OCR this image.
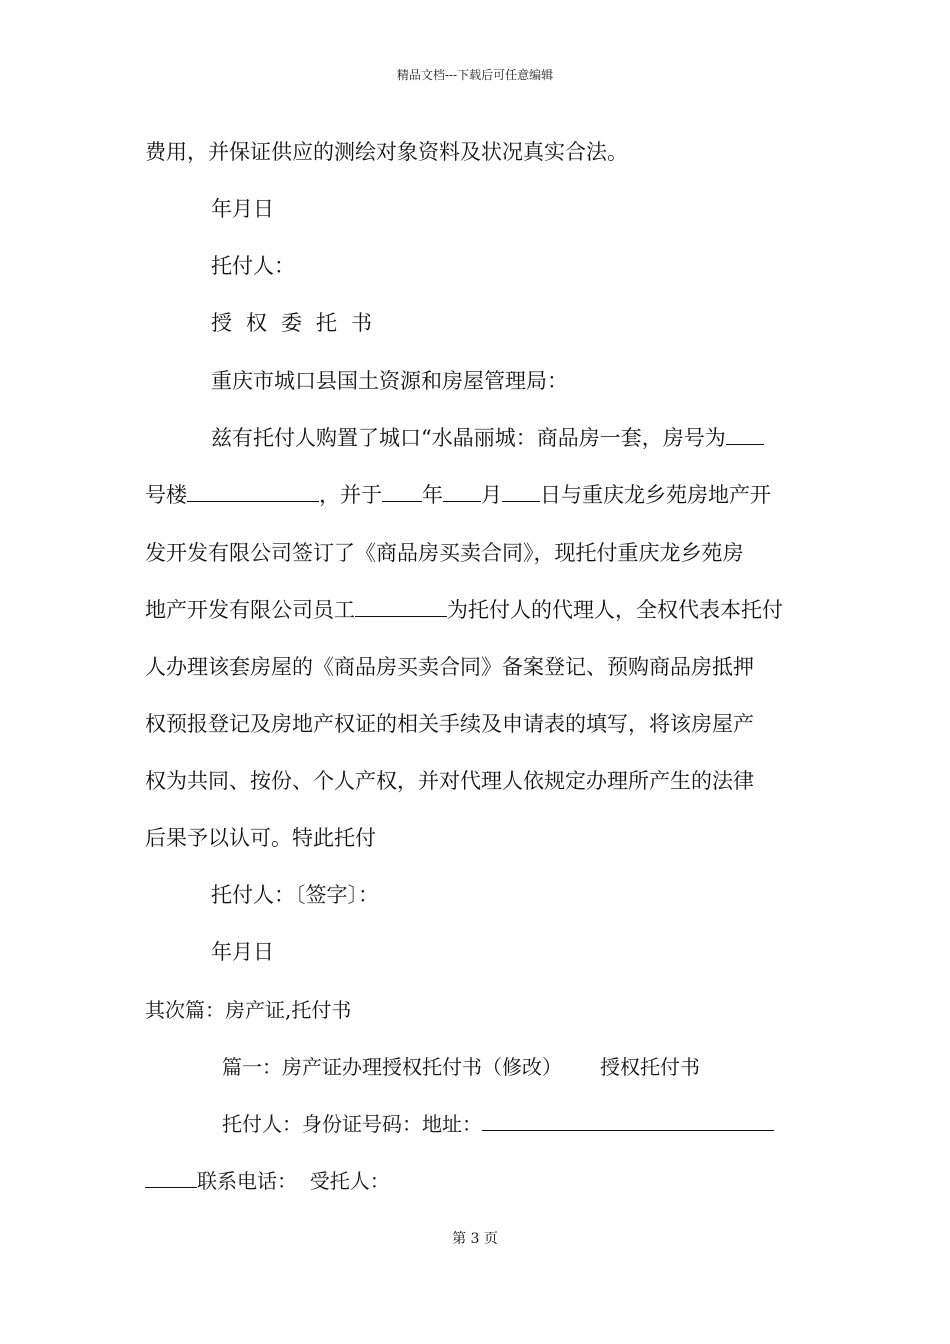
精品文档---下载后可任意编辑
费用，并保证供应的测绘对象资料及状况真实合法。
年月日
托付人：
授权委托书
重庆市城口县国土资源和房屋管理局：
兹有托付人购置了城口“水晶丽城：商品房一套，房号为
号楼	，并于 年 月 日与重庆龙乡苑房地产开
发开发有限公司签订了《商品房买卖合同》，现托付重庆龙乡苑房
地产开发有限公司员工	为托付人的代理人，全权代表本托付
人办理该套房屋的《商品房买卖合同》备案登记、预购商品房抵押
权预报登记及房地产权证的相关手续及申请表的填写，将该房屋产
权为共同、按份、个人产权，并对代理人依规定办理所产生的法律
后果予以认可。特此托付
托付人：〔签字〕：
年月日
其次篇：房产证,托付书
篇一：房产证办理授权托付书（修改） 授权托付书
托付人：身份证号码：地址：
联系电话：  受托人：
第 3 页
